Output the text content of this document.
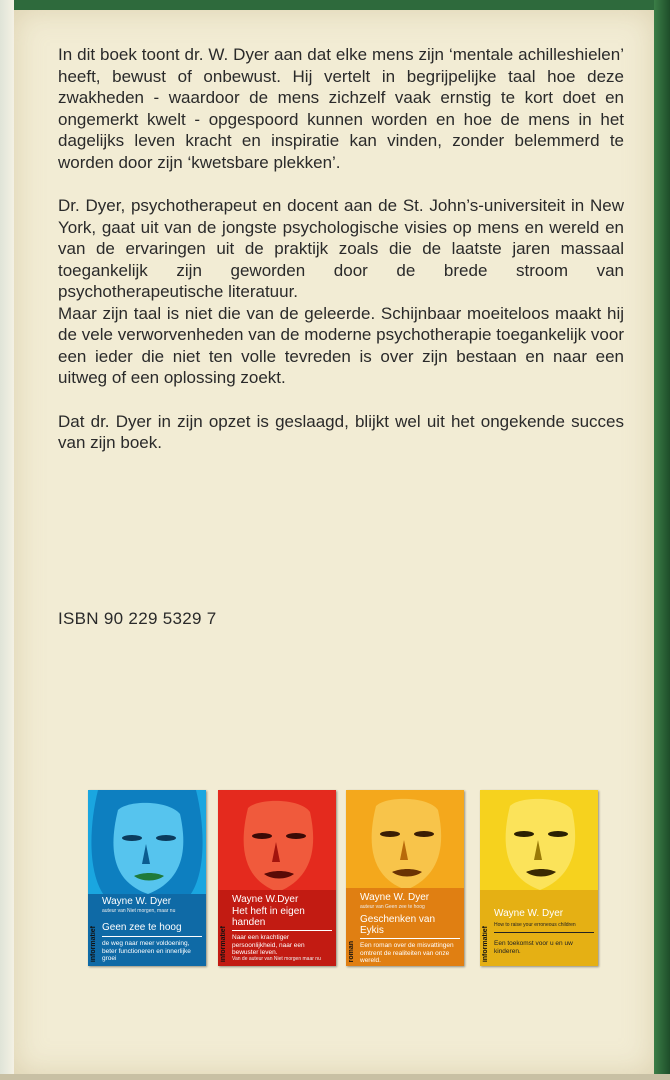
In dit boek toont dr. W. Dyer aan dat elke mens zijn ‘mentale achilleshielen’ heeft, bewust of onbewust. Hij vertelt in begrijpelijke taal hoe deze zwakheden - waardoor de mens zichzelf vaak ernstig te kort doet en ongemerkt kwelt - opgespoord kunnen worden en hoe de mens in het dagelijks leven kracht en inspiratie kan vinden, zonder belemmerd te worden door zijn ‘kwetsbare plekken’.

Dr. Dyer, psychotherapeut en docent aan de St. John’s-universiteit in New York, gaat uit van de jongste psychologische visies op mens en wereld en van de ervaringen uit de praktijk zoals die de laatste jaren massaal toegankelijk zijn geworden door de brede stroom van psychotherapeutische literatuur.

Maar zijn taal is niet die van de geleerde. Schijnbaar moeiteloos maakt hij de vele verworvenheden van de moderne psychotherapie toegankelijk voor een ieder die niet ten volle tevreden is over zijn bestaan en naar een uitweg of een oplossing zoekt.

Dat dr. Dyer in zijn opzet is geslaagd, blijkt wel uit het ongekende succes van zijn boek.

ISBN 90 229 5329 7
informatief
auteur van Niet morgen, maar nu
Wayne W. Dyer
Geen zee te hoog
de weg naar meer voldoening, beter functioneren en innerlijke groei	informatief
Wayne W.Dyer
Het heft in eigen handen
Naar een krachtiger persoonlijkheid, naar een bewuster leven.
Van de auteur van Niet morgen maar nu	roman
Wayne W. Dyer
auteur van Geen zee te hoog
Geschenken van Eykis
Een roman over de misvattingen omtrent de realiteiten van onze wereld.	informatief
Wayne W. Dyer
How to raise your erroneous children
Een toekomst voor u en uw kinderen.
